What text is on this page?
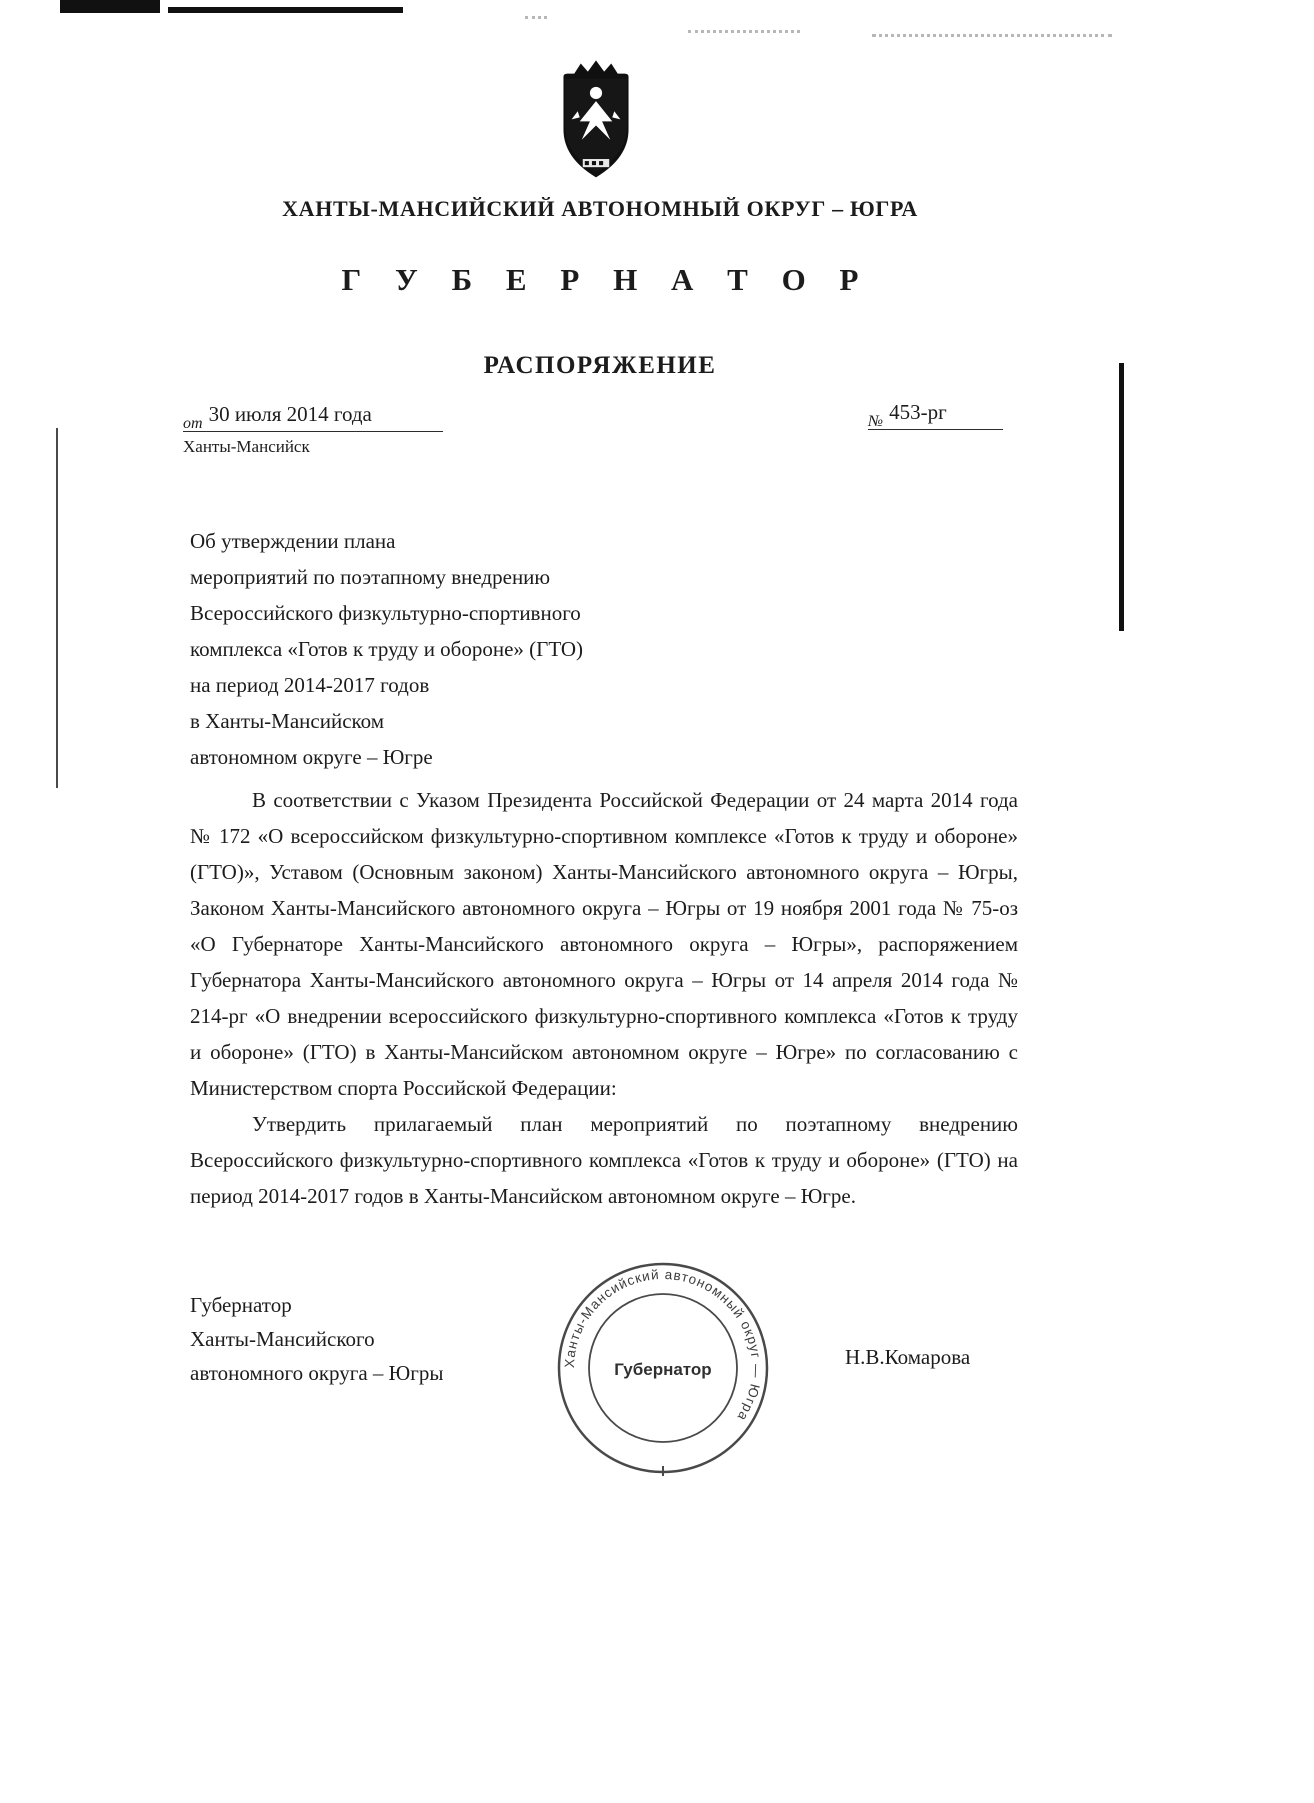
ХАНТЫ-МАНСИЙСКИЙ АВТОНОМНЫЙ ОКРУГ – ЮГРА
Г У Б Е Р Н А Т О Р
РАСПОРЯЖЕНИЕ
от 30 июля 2014 года
Ханты-Мансийск
№ 453-рг
Об утверждении плана
мероприятий по поэтапному внедрению
Всероссийского физкультурно-спортивного
комплекса «Готов к труду и обороне» (ГТО)
на период 2014-2017 годов
в Ханты-Мансийском
автономном округе – Югре

В соответствии с Указом Президента Российской Федерации от 24 марта 2014 года № 172 «О всероссийском физкультурно-спортивном комплексе «Готов к труду и обороне» (ГТО)», Уставом (Основным законом) Ханты-Мансийского автономного округа – Югры, Законом Ханты-Мансийского автономного округа – Югры от 19 ноября 2001 года № 75-оз «О Губернаторе Ханты-Мансийского автономного округа – Югры», распоряжением Губернатора Ханты-Мансийского автономного округа – Югры от 14 апреля 2014 года № 214-рг «О внедрении всероссийского физкультурно-спортивного комплекса «Готов к труду и обороне» (ГТО) в Ханты-Мансийском автономном округе – Югре» по согласованию с Министерством спорта Российской Федерации:

Утвердить прилагаемый план мероприятий по поэтапному внедрению Всероссийского физкультурно-спортивного комплекса «Готов к труду и обороне» (ГТО) на период 2014-2017 годов в Ханты-Мансийском автономном округе – Югре.

Губернатор
Ханты-Мансийского
автономного округа – Югры	Ханты-Мансийский автономный округ — Югра
Губернатор
Н.В.Комарова
